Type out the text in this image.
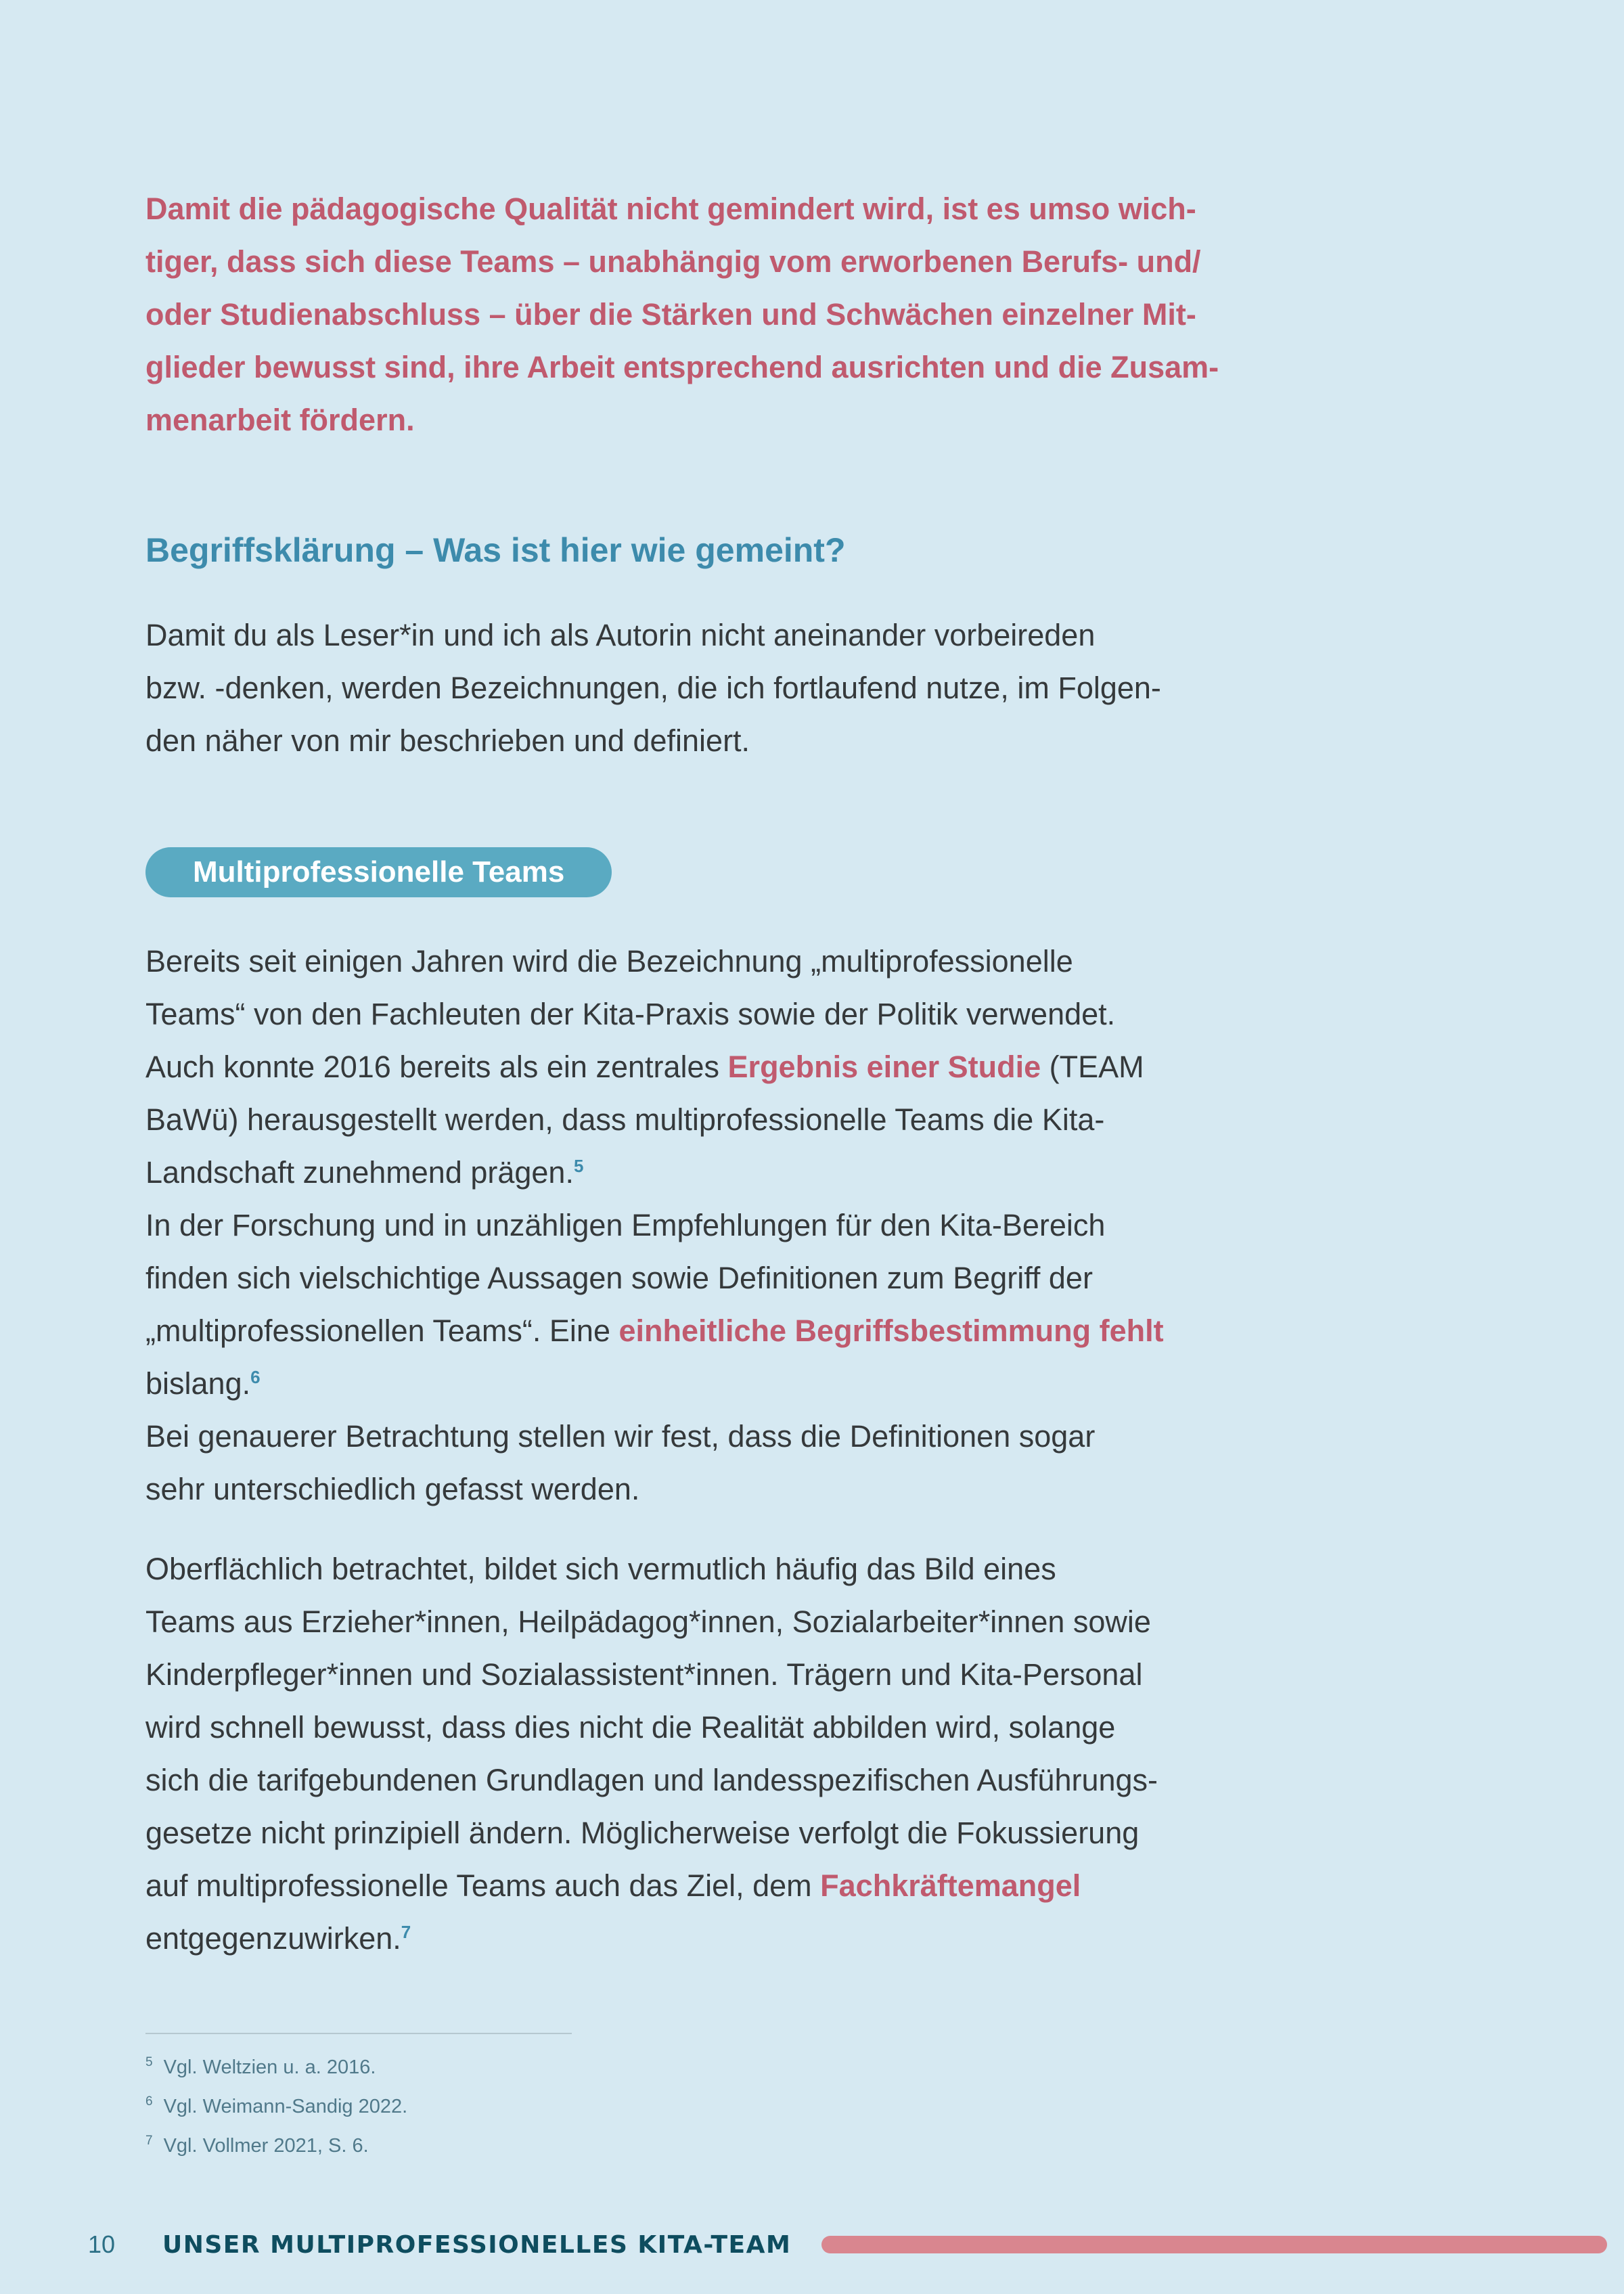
Damit die pädagogische Qualität nicht gemindert wird, ist es umso wich-
tiger, dass sich diese Teams – unabhängig vom erworbenen Berufs- und/
oder Studienabschluss – über die Stärken und Schwächen einzelner Mit-
glieder bewusst sind, ihre Arbeit entsprechend ausrichten und die Zusam-
menarbeit fördern.
Begriffsklärung – Was ist hier wie gemeint?
Damit du als Leser*in und ich als Autorin nicht aneinander vorbeireden
bzw. -denken, werden Bezeichnungen, die ich fortlaufend nutze, im Folgen-
den näher von mir beschrieben und definiert.
Multiprofessionelle Teams
Bereits seit einigen Jahren wird die Bezeichnung „multiprofessionelle
Teams“ von den Fachleuten der Kita-Praxis sowie der Politik verwendet.
Auch konnte 2016 bereits als ein zentrales Ergebnis einer Studie (TEAM
BaWü) herausgestellt werden, dass multiprofessionelle Teams die Kita-
Landschaft zunehmend prägen.$^5$
In der Forschung und in unzähligen Empfehlungen für den Kita-Bereich
finden sich vielschichtige Aussagen sowie Definitionen zum Begriff der
„multiprofessionellen Teams“. Eine einheitliche Begriffsbestimmung fehlt
bislang.$^6$
Bei genauerer Betrachtung stellen wir fest, dass die Definitionen sogar
sehr unterschiedlich gefasst werden.
Oberflächlich betrachtet, bildet sich vermutlich häufig das Bild eines
Teams aus Erzieher*innen, Heilpädagog*innen, Sozialarbeiter*innen sowie
Kinderpfleger*innen und Sozialassistent*innen. Trägern und Kita-Personal
wird schnell bewusst, dass dies nicht die Realität abbilden wird, solange
sich die tarifgebundenen Grundlagen und landesspezifischen Ausführungs-
gesetze nicht prinzipiell ändern. Möglicherweise verfolgt die Fokussierung
auf multiprofessionelle Teams auch das Ziel, dem Fachkräftemangel
entgegenzuwirken.$^7$
$^5$ Vgl. Weltzien u. a. 2016.
$^6$ Vgl. Weimann-Sandig 2022.
$^7$ Vgl. Vollmer 2021, S. 6.
10	UNSER MULTIPROFESSIONELLES KITA-TEAM
